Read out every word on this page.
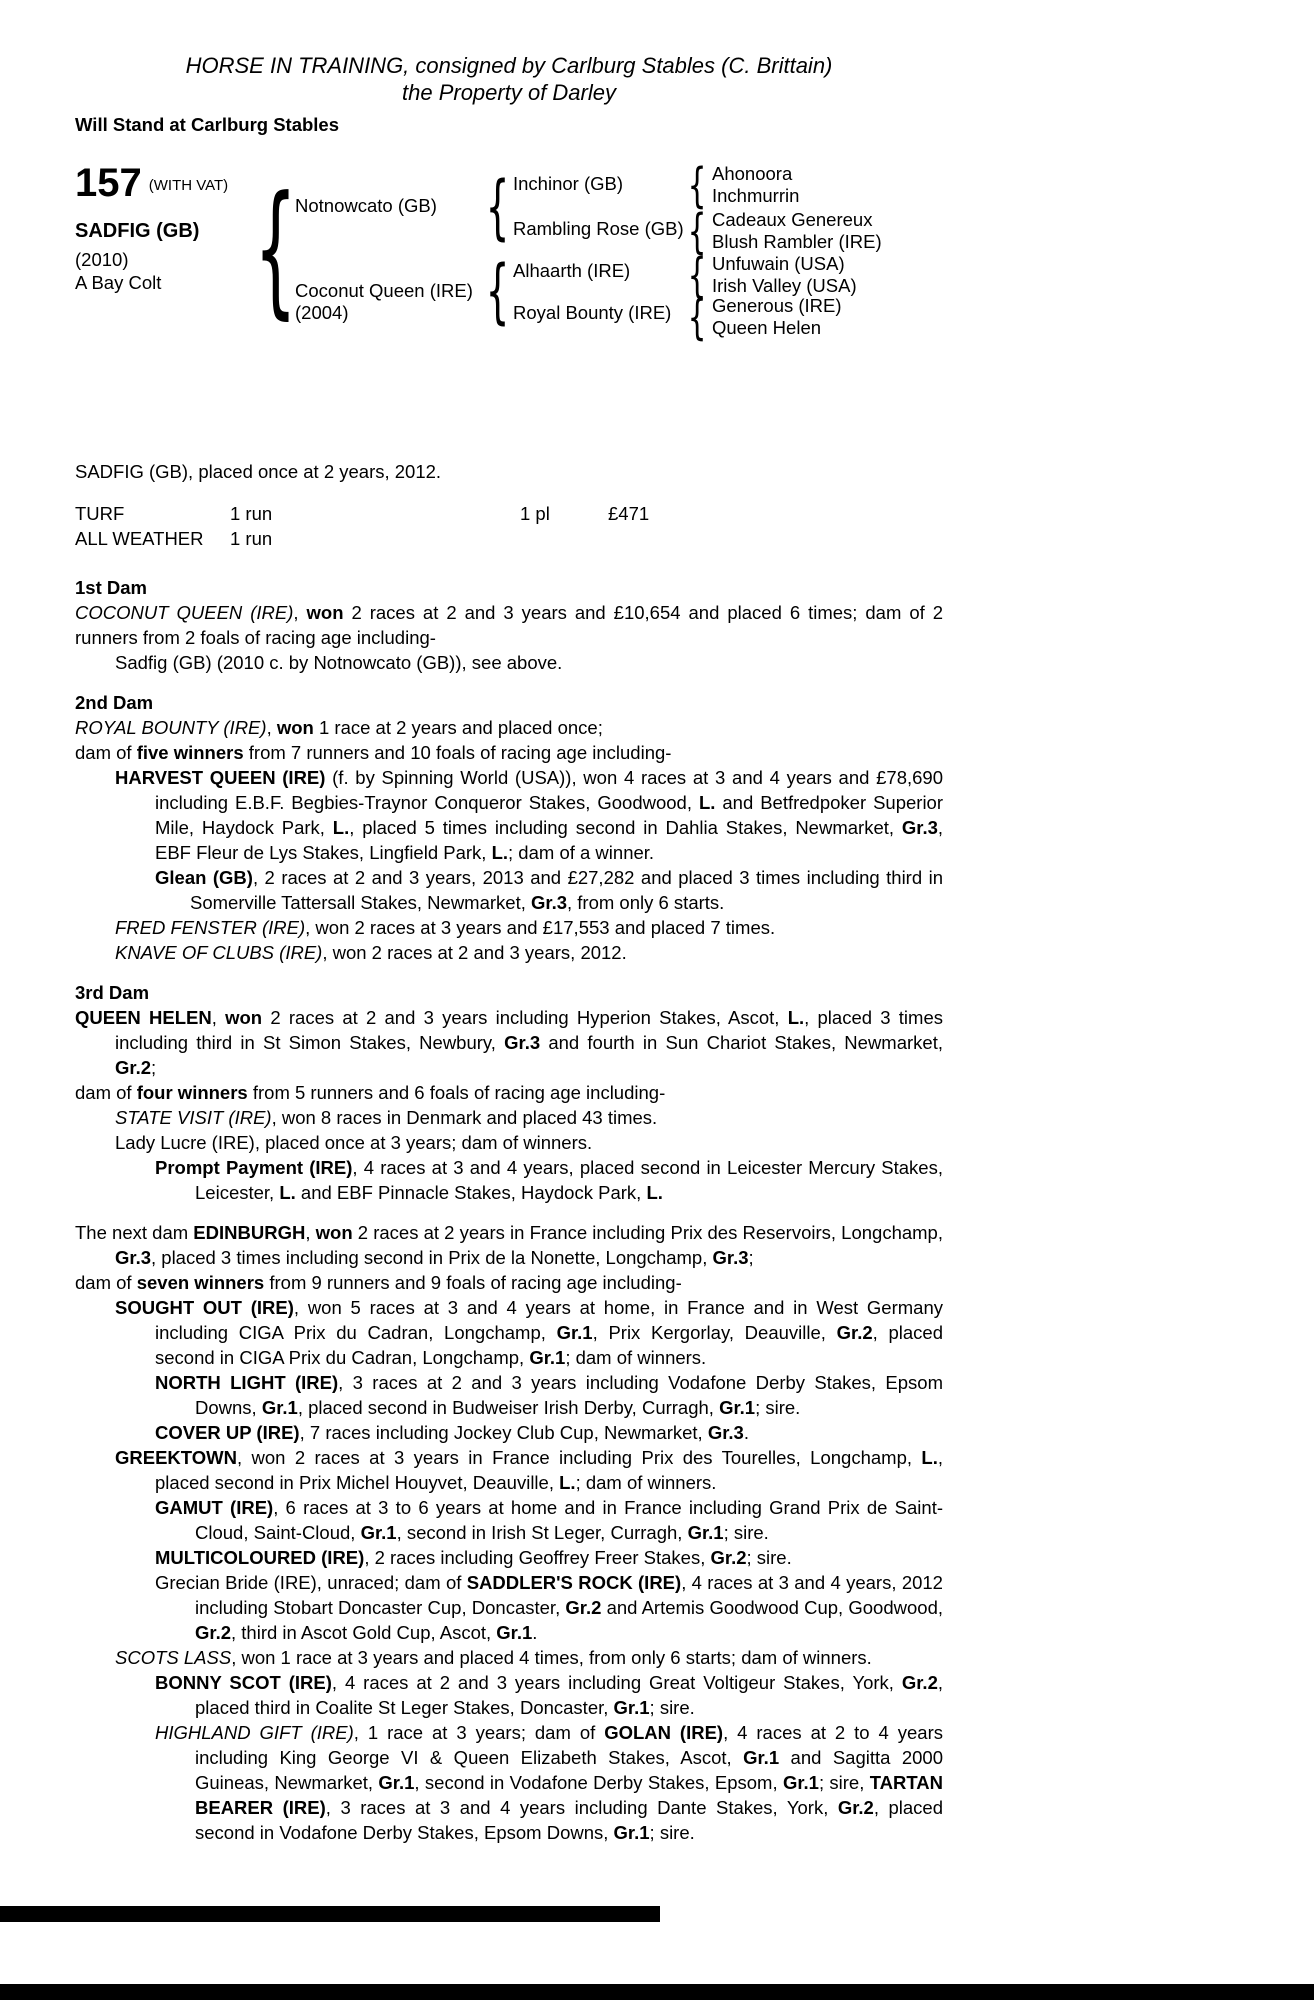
HORSE IN TRAINING, consigned by Carlburg Stables (C. Brittain)
the Property of Darley
Will Stand at Carlburg Stables
157 $^{(WITH VAT)}$
SADFIG (GB)
(2010)
A Bay Colt {	{
{
{
{
{
{
Notnowcato (GB)
Coconut Queen (IRE)
(2004)
Inchinor (GB)
Rambling Rose (GB)
Alhaarth (IRE)
Royal Bounty (IRE)
Ahonoora
Inchmurrin
Cadeaux Genereux
Blush Rambler (IRE)
Unfuwain (USA)
Irish Valley (USA)
Generous (IRE)
Queen Helen
SADFIG (GB), placed once at 2 years, 2012.
TURF	1 run	1 pl	£471
ALL WEATHER	1 run
1st Dam
COCONUT QUEEN (IRE), won 2 races at 2 and 3 years and £10,654 and placed 6 times; dam of 2 runners from 2 foals of racing age including-
Sadfig (GB) (2010 c. by Notnowcato (GB)), see above.
2nd Dam
ROYAL BOUNTY (IRE), won 1 race at 2 years and placed once;
dam of five winners from 7 runners and 10 foals of racing age including-
HARVEST QUEEN (IRE) (f. by Spinning World (USA)), won 4 races at 3 and 4 years and £78,690 including E.B.F. Begbies-Traynor Conqueror Stakes, Goodwood, L. and Betfredpoker Superior Mile, Haydock Park, L., placed 5 times including second in Dahlia Stakes, Newmarket, Gr.3, EBF Fleur de Lys Stakes, Lingfield Park, L.; dam of a winner.
Glean (GB), 2 races at 2 and 3 years, 2013 and £27,282 and placed 3 times including third in Somerville Tattersall Stakes, Newmarket, Gr.3, from only 6 starts.
FRED FENSTER (IRE), won 2 races at 3 years and £17,553 and placed 7 times.
KNAVE OF CLUBS (IRE), won 2 races at 2 and 3 years, 2012.
3rd Dam
QUEEN HELEN, won 2 races at 2 and 3 years including Hyperion Stakes, Ascot, L., placed 3 times including third in St Simon Stakes, Newbury, Gr.3 and fourth in Sun Chariot Stakes, Newmarket, Gr.2;
dam of four winners from 5 runners and 6 foals of racing age including-
STATE VISIT (IRE), won 8 races in Denmark and placed 43 times.
Lady Lucre (IRE), placed once at 3 years; dam of winners.
Prompt Payment (IRE), 4 races at 3 and 4 years, placed second in Leicester Mercury Stakes, Leicester, L. and EBF Pinnacle Stakes, Haydock Park, L.
The next dam EDINBURGH, won 2 races at 2 years in France including Prix des Reservoirs, Longchamp, Gr.3, placed 3 times including second in Prix de la Nonette, Longchamp, Gr.3;
dam of seven winners from 9 runners and 9 foals of racing age including-
SOUGHT OUT (IRE), won 5 races at 3 and 4 years at home, in France and in West Germany including CIGA Prix du Cadran, Longchamp, Gr.1, Prix Kergorlay, Deauville, Gr.2, placed second in CIGA Prix du Cadran, Longchamp, Gr.1; dam of winners.
NORTH LIGHT (IRE), 3 races at 2 and 3 years including Vodafone Derby Stakes, Epsom Downs, Gr.1, placed second in Budweiser Irish Derby, Curragh, Gr.1; sire.
COVER UP (IRE), 7 races including Jockey Club Cup, Newmarket, Gr.3.
GREEKTOWN, won 2 races at 3 years in France including Prix des Tourelles, Longchamp, L., placed second in Prix Michel Houyvet, Deauville, L.; dam of winners.
GAMUT (IRE), 6 races at 3 to 6 years at home and in France including Grand Prix de Saint-Cloud, Saint-Cloud, Gr.1, second in Irish St Leger, Curragh, Gr.1; sire.
MULTICOLOURED (IRE), 2 races including Geoffrey Freer Stakes, Gr.2; sire.
Grecian Bride (IRE), unraced; dam of SADDLER'S ROCK (IRE), 4 races at 3 and 4 years, 2012 including Stobart Doncaster Cup, Doncaster, Gr.2 and Artemis Goodwood Cup, Goodwood, Gr.2, third in Ascot Gold Cup, Ascot, Gr.1.
SCOTS LASS, won 1 race at 3 years and placed 4 times, from only 6 starts; dam of winners.
BONNY SCOT (IRE), 4 races at 2 and 3 years including Great Voltigeur Stakes, York, Gr.2, placed third in Coalite St Leger Stakes, Doncaster, Gr.1; sire.
HIGHLAND GIFT (IRE), 1 race at 3 years; dam of GOLAN (IRE), 4 races at 2 to 4 years including King George VI & Queen Elizabeth Stakes, Ascot, Gr.1 and Sagitta 2000 Guineas, Newmarket, Gr.1, second in Vodafone Derby Stakes, Epsom, Gr.1; sire, TARTAN BEARER (IRE), 3 races at 3 and 4 years including Dante Stakes, York, Gr.2, placed second in Vodafone Derby Stakes, Epsom Downs, Gr.1; sire.
